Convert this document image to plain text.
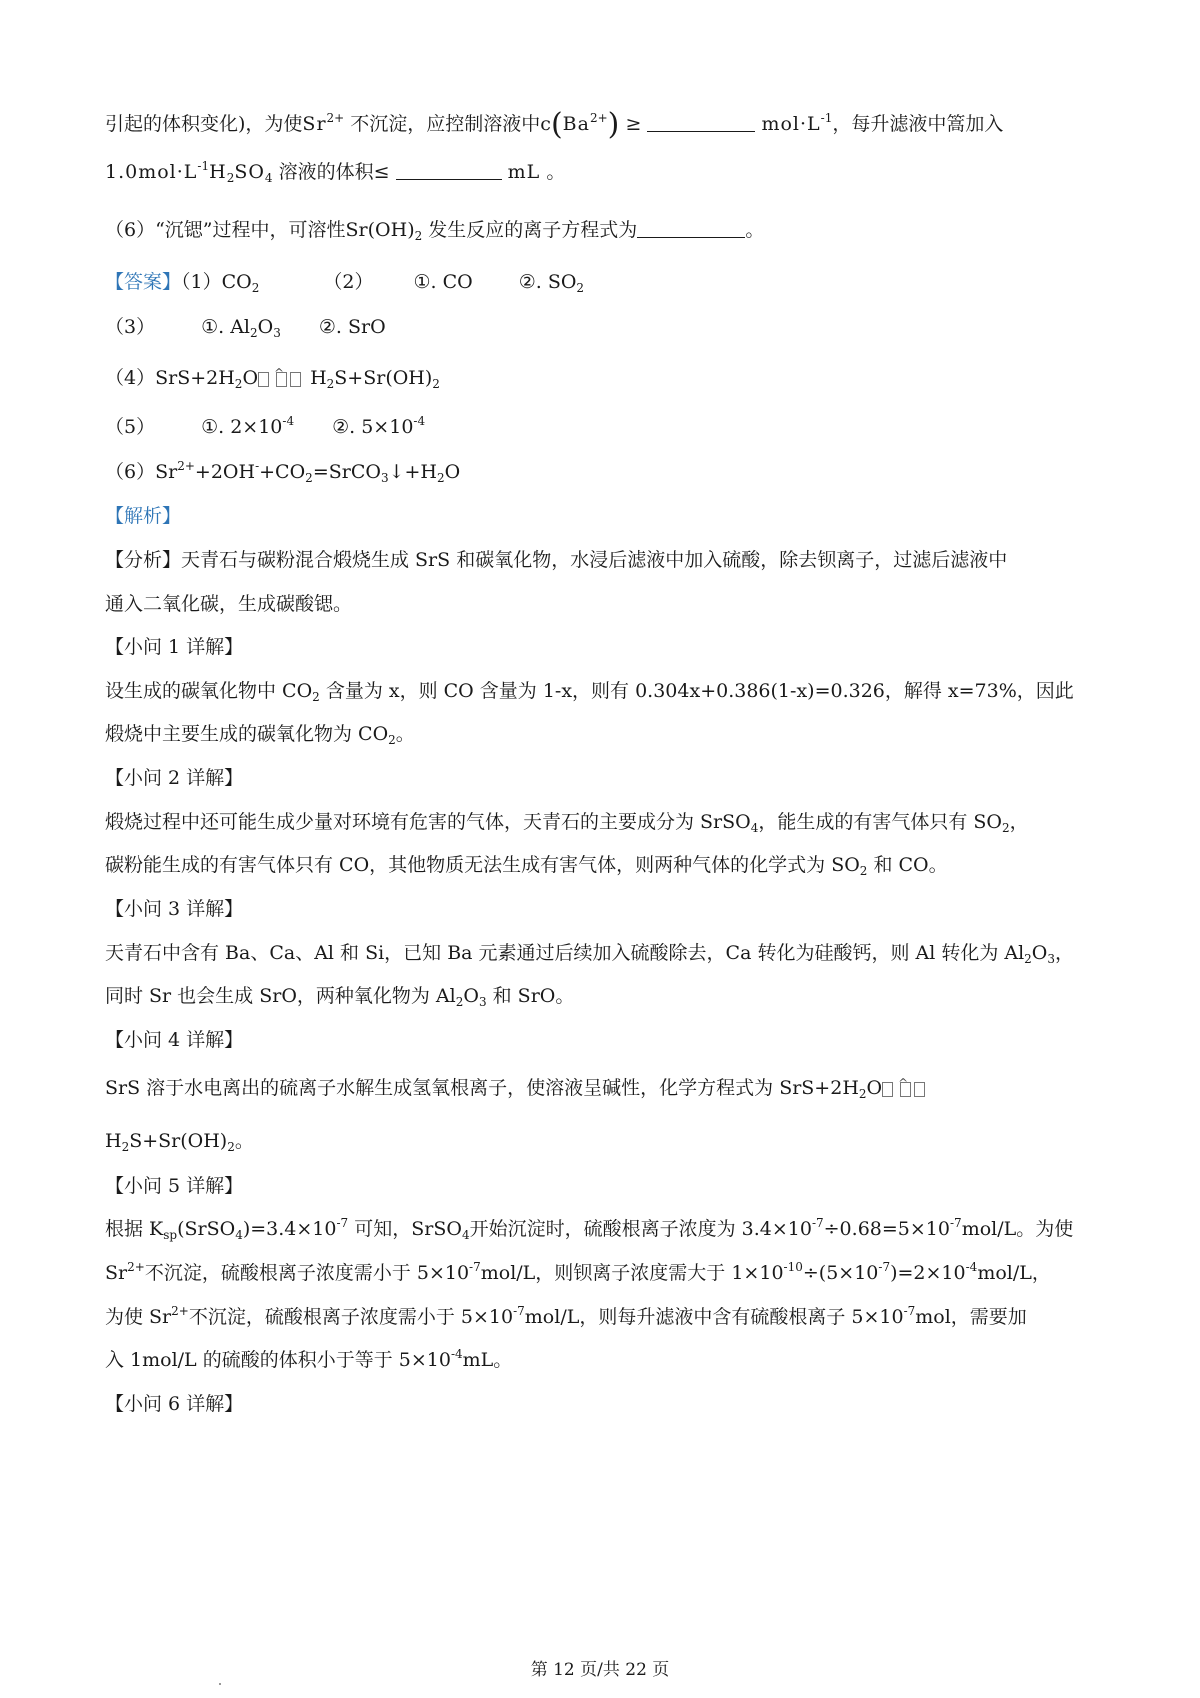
引起的体积变化)，为使$Sr^{2+}$ 不沉淀，应控制溶液中$c(Ba^{2+})$ ≥	$mol\cdot L^{-1}$，每升滤液中篙加入
$1.0mol\cdot L^{-1}H_2SO_4$ 溶液的体积≤	mL 。
（6）“沉锶”过程中，可溶性$Sr(OH)_2$ 发生反应的离子方程式为	。
【答案】$(1)CO_2$	（2） ①. CO ②. $SO_2$
（3） ①. $Al_2O_3$ ②. SrO
$(4)SrS+2H_2O$ ^ $H_2S+Sr(OH)_2$
（5） ①. $2\times 10^{-4}$ ②. $5\times 10^{-4}$
$(6)Sr^{2+}+2OH^-+CO_2=SrCO_3↓+H_2O$
【解析】
【分析】天青石与碳粉混合煅烧生成 SrS 和碳氧化物，水浸后滤液中加入硫酸，除去钡离子，过滤后滤液中
通入二氧化碳，生成碳酸锶。
【小问 1 详解】
设生成的碳氧化物中 $CO_2$ 含量为 x，则 CO 含量为 1-x，则有 0.304x+0.386(1-x)=0.326，解得 x=73%，因此
煅烧中主要生成的碳氧化物为 $CO_2$。
【小问 2 详解】
煅烧过程中还可能生成少量对环境有危害的气体，天青石的主要成分为 SrSO$_4$，能生成的有害气体只有 $SO_2$，
碳粉能生成的有害气体只有 CO，其他物质无法生成有害气体，则两种气体的化学式为 $SO_2$ 和 CO。
【小问 3 详解】
天青石中含有 Ba、Ca、Al 和 Si，已知 Ba 元素通过后续加入硫酸除去，Ca 转化为硅酸钙，则 Al 转化为 $Al_2O_3$，
同时 Sr 也会生成 SrO，两种氧化物为 $Al_2O_3$ 和 SrO。
【小问 4 详解】
SrS 溶于水电离出的硫离子水解生成氢氧根离子，使溶液呈碱性，化学方程式为 $SrS+2H_2O$ ^
$H_2S+Sr(OH)_2$。
【小问 5 详解】
根据 $K_{sp}(SrSO_4)=3.4\times 10^{-7}$ 可知，SrSO$_4$开始沉淀时，硫酸根离子浓度为 $3.4\times 10^{-7}\div 0.68=5\times 10^{-7}mol/L$。为使
$Sr^{2+}$不沉淀，硫酸根离子浓度需小于 $5\times 10^{-7}mol/L$，则钡离子浓度需大于 $1\times 10^{-10}\div(5\times 10^{-7})=2\times 10^{-4}mol/L$，
为使 $Sr^{2+}$不沉淀，硫酸根离子浓度需小于 $5\times 10^{-7}mol/L$，则每升滤液中含有硫酸根离子 $5\times 10^{-7}mol$，需要加
入 1mol/L 的硫酸的体积小于等于 $5\times 10^{-4}mL$。
【小问 6 详解】
第 12 页/共 22 页
